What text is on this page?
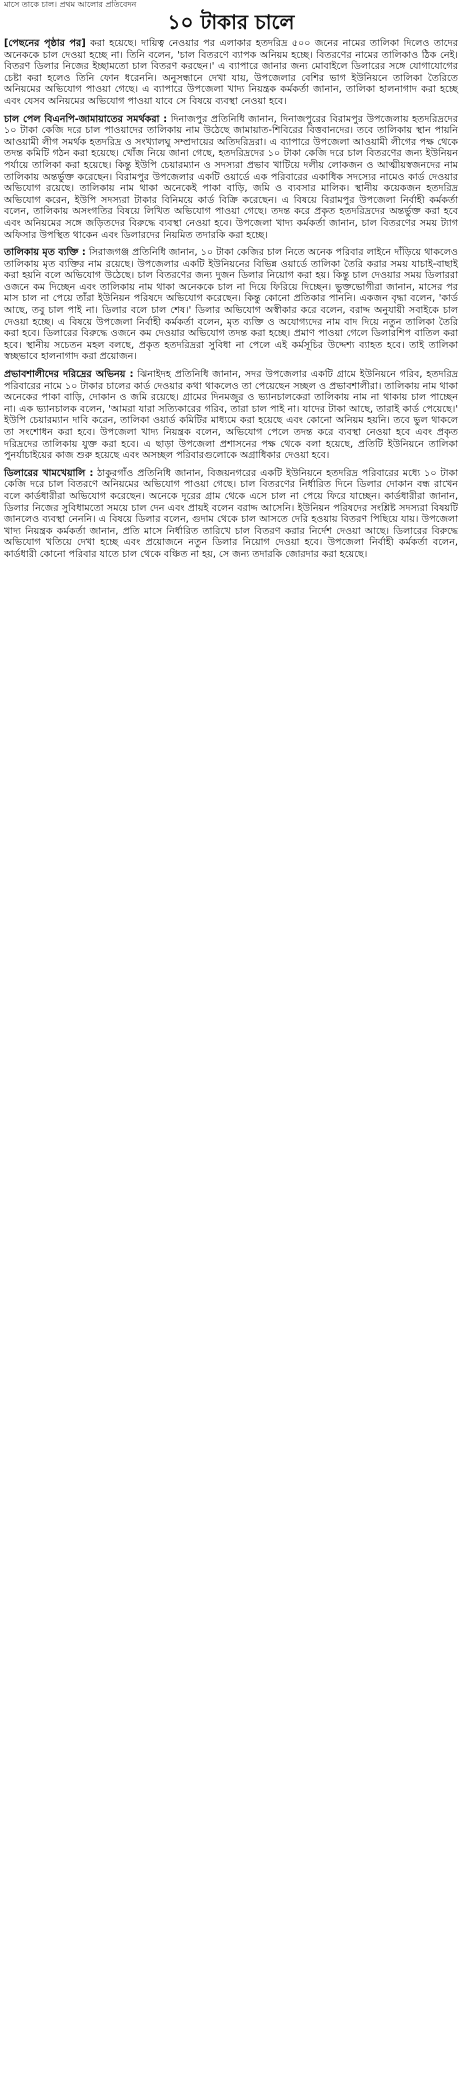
মাসে তাকে চাল। প্রথম আলোর প্রতিবেদন
১০ টাকার চালে

[পেছনের পৃষ্ঠার পর] করা হয়েছে। দায়িত্ব নেওয়ার পর এলাকার হতদরিদ্র ৫০০ জনের নামের তালিকা দিলেও তাদের অনেককে চাল দেওয়া হচ্ছে না। তিনি বলেন, 'চাল বিতরণে ব্যাপক অনিয়ম হচ্ছে। বিতরণের নামের তালিকাও ঠিক নেই। বিতরণ ডিলার নিজের ইচ্ছামতো চাল বিতরণ করছেন।' এ ব্যাপারে জানার জন্য মোবাইলে ডিলারের সঙ্গে যোগাযোগের চেষ্টা করা হলেও তিনি ফোন ধরেননি। অনুসন্ধানে দেখা যায়, উপজেলার বেশির ভাগ ইউনিয়নে তালিকা তৈরিতে অনিয়মের অভিযোগ পাওয়া গেছে। এ ব্যাপারে উপজেলা খাদ্য নিয়ন্ত্রক কর্মকর্তা জানান, তালিকা হালনাগাদ করা হচ্ছে এবং যেসব অনিয়মের অভিযোগ পাওয়া যাবে সে বিষয়ে ব্যবস্থা নেওয়া হবে।

চাল পেল বিএনপি-জামায়াতের সমর্থকরা : দিনাজপুর প্রতিনিধি জানান, দিনাজপুরের বিরামপুর উপজেলায় হতদরিদ্রদের ১০ টাকা কেজি দরে চাল পাওয়াদের তালিকায় নাম উঠেছে জামায়াত-শিবিরের বিত্তবানদের। তবে তালিকায় স্থান পায়নি আওয়ামী লীগ সমর্থক হতদরিদ্র ও সংখ্যালঘু সম্প্রদায়ের অতিদরিদ্ররা। এ ব্যাপারে উপজেলা আওয়ামী লীগের পক্ষ থেকে তদন্ত কমিটি গঠন করা হয়েছে। খোঁজ নিয়ে জানা গেছে, হতদরিদ্রদের ১০ টাকা কেজি দরে চাল বিতরণের জন্য ইউনিয়ন পর্যায়ে তালিকা করা হয়েছে। কিন্তু ইউপি চেয়ারম্যান ও সদস্যরা প্রভাব খাটিয়ে দলীয় লোকজন ও আত্মীয়স্বজনদের নাম তালিকায় অন্তর্ভুক্ত করেছেন। বিরামপুর উপজেলার একটি ওয়ার্ডে এক পরিবারের একাধিক সদস্যের নামেও কার্ড দেওয়ার অভিযোগ রয়েছে। তালিকায় নাম থাকা অনেকেই পাকা বাড়ি, জমি ও ব্যবসার মালিক। স্থানীয় কয়েকজন হতদরিদ্র অভিযোগ করেন, ইউপি সদস্যরা টাকার বিনিময়ে কার্ড বিক্রি করেছেন। এ বিষয়ে বিরামপুর উপজেলা নির্বাহী কর্মকর্তা বলেন, তালিকায় অসংগতির বিষয়ে লিখিত অভিযোগ পাওয়া গেছে। তদন্ত করে প্রকৃত হতদরিদ্রদের অন্তর্ভুক্ত করা হবে এবং অনিয়মের সঙ্গে জড়িতদের বিরুদ্ধে ব্যবস্থা নেওয়া হবে। উপজেলা খাদ্য কর্মকর্তা জানান, চাল বিতরণের সময় ট্যাগ অফিসার উপস্থিত থাকেন এবং ডিলারদের নিয়মিত তদারকি করা হচ্ছে।

তালিকায় মৃত ব্যক্তি : সিরাজগঞ্জ প্রতিনিধি জানান, ১০ টাকা কেজির চাল নিতে অনেক পরিবার লাইনে দাঁড়িয়ে থাকলেও তালিকায় মৃত ব্যক্তির নাম রয়েছে। উপজেলার একটি ইউনিয়নের বিভিন্ন ওয়ার্ডে তালিকা তৈরি করার সময় যাচাই-বাছাই করা হয়নি বলে অভিযোগ উঠেছে। চাল বিতরণের জন্য দুজন ডিলার নিয়োগ করা হয়। কিন্তু চাল দেওয়ার সময় ডিলাররা ওজনে কম দিচ্ছেন এবং তালিকায় নাম থাকা অনেককে চাল না দিয়ে ফিরিয়ে দিচ্ছেন। ভুক্তভোগীরা জানান, মাসের পর মাস চাল না পেয়ে তাঁরা ইউনিয়ন পরিষদে অভিযোগ করেছেন। কিন্তু কোনো প্রতিকার পাননি। একজন বৃদ্ধা বলেন, 'কার্ড আছে, তবু চাল পাই না। ডিলার বলে চাল শেষ।' ডিলার অভিযোগ অস্বীকার করে বলেন, বরাদ্দ অনুযায়ী সবাইকে চাল দেওয়া হচ্ছে। এ বিষয়ে উপজেলা নির্বাহী কর্মকর্তা বলেন, মৃত ব্যক্তি ও অযোগ্যদের নাম বাদ দিয়ে নতুন তালিকা তৈরি করা হবে। ডিলারের বিরুদ্ধে ওজনে কম দেওয়ার অভিযোগ তদন্ত করা হচ্ছে। প্রমাণ পাওয়া গেলে ডিলারশিপ বাতিল করা হবে। স্থানীয় সচেতন মহল বলছে, প্রকৃত হতদরিদ্ররা সুবিধা না পেলে এই কর্মসূচির উদ্দেশ্য ব্যাহত হবে। তাই তালিকা স্বচ্ছভাবে হালনাগাদ করা প্রয়োজন।

প্রভাবশালীদের দরিদ্রের অভিনয় : ঝিনাইদহ প্রতিনিধি জানান, সদর উপজেলার একটি গ্রামে ইউনিয়নে গরিব, হতদরিদ্র পরিবারের নামে ১০ টাকার চালের কার্ড দেওয়ার কথা থাকলেও তা পেয়েছেন সচ্ছল ও প্রভাবশালীরা। তালিকায় নাম থাকা অনেকের পাকা বাড়ি, দোকান ও জমি রয়েছে। গ্রামের দিনমজুর ও ভ্যানচালকেরা তালিকায় নাম না থাকায় চাল পাচ্ছেন না। এক ভ্যানচালক বলেন, 'আমরা যারা সত্যিকারের গরিব, তারা চাল পাই না। যাদের টাকা আছে, তারাই কার্ড পেয়েছে।' ইউপি চেয়ারম্যান দাবি করেন, তালিকা ওয়ার্ড কমিটির মাধ্যমে করা হয়েছে এবং কোনো অনিয়ম হয়নি। তবে ভুল থাকলে তা সংশোধন করা হবে। উপজেলা খাদ্য নিয়ন্ত্রক বলেন, অভিযোগ পেলে তদন্ত করে ব্যবস্থা নেওয়া হবে এবং প্রকৃত দরিদ্রদের তালিকায় যুক্ত করা হবে। এ ছাড়া উপজেলা প্রশাসনের পক্ষ থেকে বলা হয়েছে, প্রতিটি ইউনিয়নে তালিকা পুনর্যাচাইয়ের কাজ শুরু হয়েছে এবং অসচ্ছল পরিবারগুলোকে অগ্রাধিকার দেওয়া হবে।

ডিলারের খামখেয়ালি : ঠাকুরগাঁও প্রতিনিধি জানান, বিজয়নগরের একটি ইউনিয়নে হতদরিদ্র পরিবারের মধ্যে ১০ টাকা কেজি দরে চাল বিতরণে অনিয়মের অভিযোগ পাওয়া গেছে। চাল বিতরণের নির্ধারিত দিনে ডিলার দোকান বন্ধ রাখেন বলে কার্ডধারীরা অভিযোগ করেছেন। অনেকে দূরের গ্রাম থেকে এসে চাল না পেয়ে ফিরে যাচ্ছেন। কার্ডধারীরা জানান, ডিলার নিজের সুবিধামতো সময়ে চাল দেন এবং প্রায়ই বলেন বরাদ্দ আসেনি। ইউনিয়ন পরিষদের সংশ্লিষ্ট সদস্যরা বিষয়টি জানলেও ব্যবস্থা নেননি। এ বিষয়ে ডিলার বলেন, গুদাম থেকে চাল আসতে দেরি হওয়ায় বিতরণ পিছিয়ে যায়। উপজেলা খাদ্য নিয়ন্ত্রক কর্মকর্তা জানান, প্রতি মাসে নির্ধারিত তারিখে চাল বিতরণ করার নির্দেশ দেওয়া আছে। ডিলারের বিরুদ্ধে অভিযোগ খতিয়ে দেখা হচ্ছে এবং প্রয়োজনে নতুন ডিলার নিয়োগ দেওয়া হবে। উপজেলা নির্বাহী কর্মকর্তা বলেন, কার্ডধারী কোনো পরিবার যাতে চাল থেকে বঞ্চিত না হয়, সে জন্য তদারকি জোরদার করা হয়েছে।
